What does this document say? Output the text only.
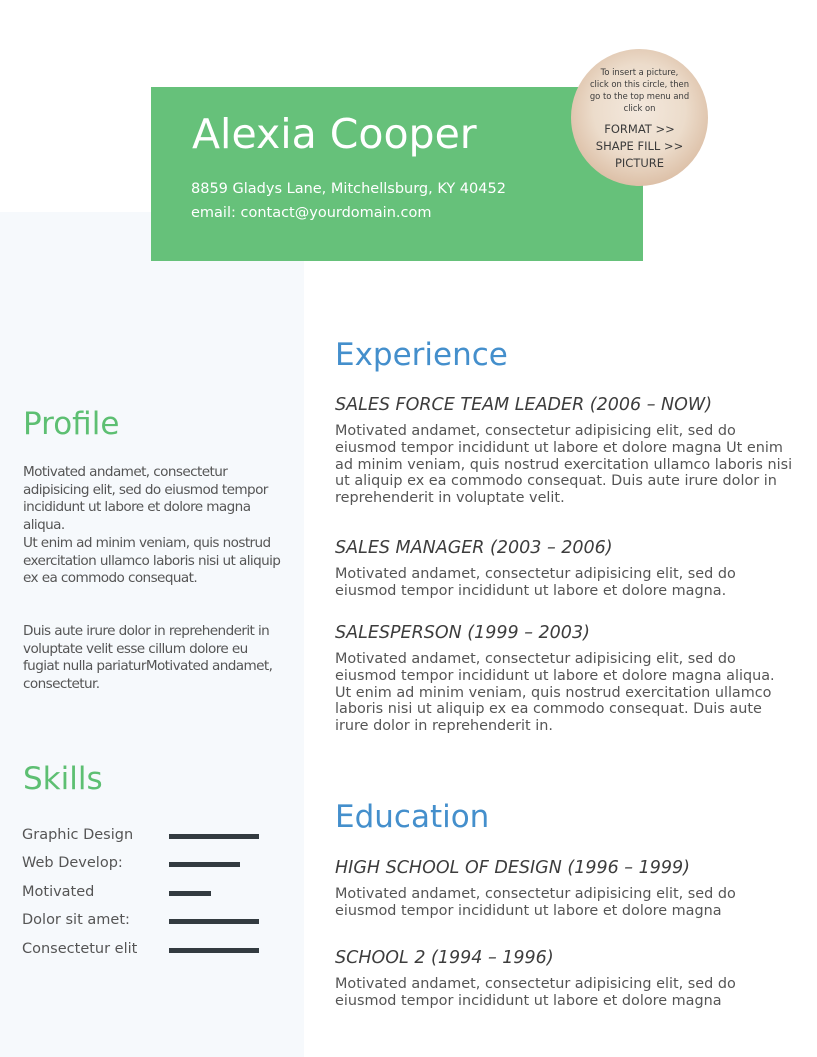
Alexia Cooper
8859 Gladys Lane, Mitchellsburg, KY 40452
email: contact@yourdomain.com
To insert a picture,
click on this circle, then
go to the top menu and
click on
FORMAT >>
SHAPE FILL >>
PICTURE
Profile

Motivated andamet, consectetur adipisicing elit, sed do eiusmod tempor incididunt ut labore et dolore magna aliqua.

Ut enim ad minim veniam, quis nostrud exercitation ullamco laboris nisi ut aliquip ex ea commodo consequat.

Duis aute irure dolor in reprehenderit in voluptate velit esse cillum dolore eu fugiat nulla pariaturMotivated andamet, consectetur.

Skills
Graphic Design
Web Develop:
Motivated
Dolor sit amet:
Consectetur elit
Experience
SALES FORCE TEAM LEADER (2006 – NOW)

Motivated andamet, consectetur adipisicing elit, sed do eiusmod tempor incididunt ut labore et dolore magna Ut enim ad minim veniam, quis nostrud exercitation ullamco laboris nisi ut aliquip ex ea commodo consequat. Duis aute irure dolor in reprehenderit in voluptate velit.

SALES MANAGER (2003 – 2006)

Motivated andamet, consectetur adipisicing elit, sed do eiusmod tempor incididunt ut labore et dolore magna.

SALESPERSON (1999 – 2003)

Motivated andamet, consectetur adipisicing elit, sed do eiusmod tempor incididunt ut labore et dolore magna aliqua. Ut enim ad minim veniam, quis nostrud exercitation ullamco laboris nisi ut aliquip ex ea commodo consequat. Duis aute irure dolor in reprehenderit in.

Education
HIGH SCHOOL OF DESIGN (1996 – 1999)

Motivated andamet, consectetur adipisicing elit, sed do eiusmod tempor incididunt ut labore et dolore magna

SCHOOL 2 (1994 – 1996)

Motivated andamet, consectetur adipisicing elit, sed do eiusmod tempor incididunt ut labore et dolore magna
